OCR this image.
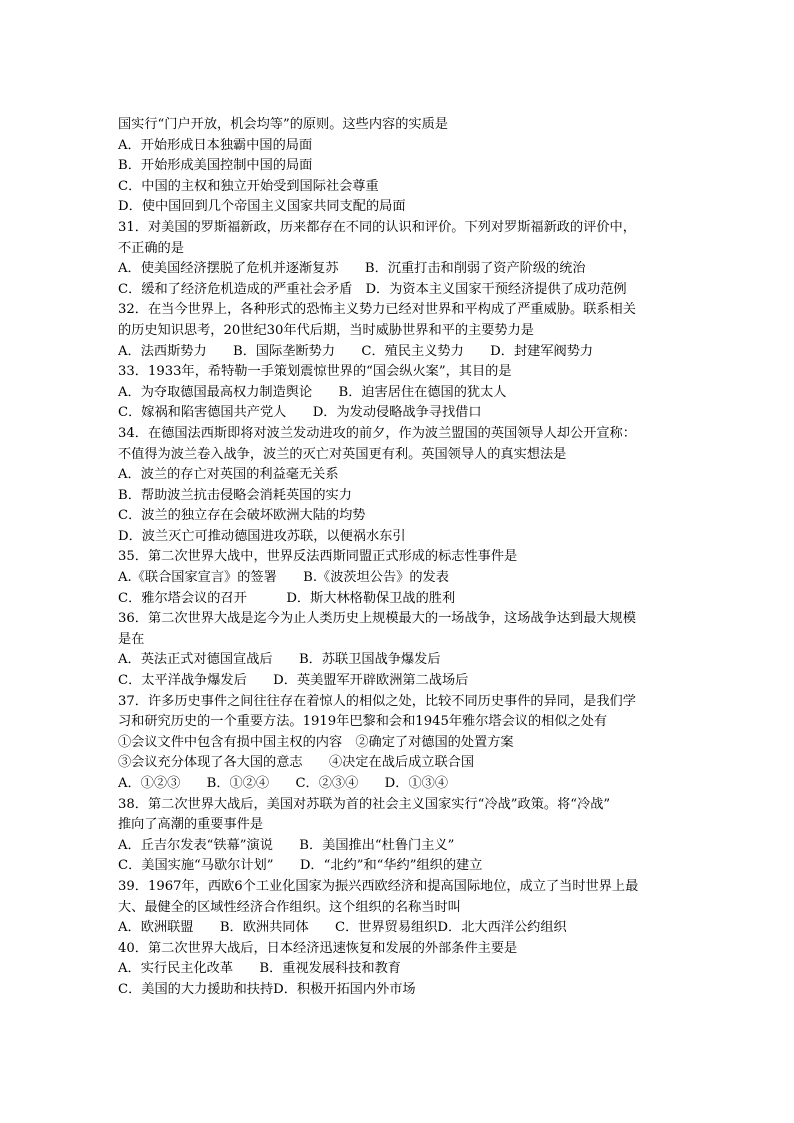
国实行“门户开放，机会均等”的原则。这些内容的实质是
A．开始形成日本独霸中国的局面
B．开始形成美国控制中国的局面
C．中国的主权和独立开始受到国际社会尊重
D．使中国回到几个帝国主义国家共同支配的局面
31．对美国的罗斯福新政，历来都存在不同的认识和评价。下列对罗斯福新政的评价中，
不正确的是
A．使美国经济摆脱了危机并逐渐复苏　　B．沉重打击和削弱了资产阶级的统治
C．缓和了经济危机造成的严重社会矛盾　D．为资本主义国家干预经济提供了成功范例
32．在当今世界上，各种形式的恐怖主义势力已经对世界和平构成了严重威胁。联系相关
的历史知识思考，20世纪30年代后期，当时威胁世界和平的主要势力是
A．法西斯势力　　B．国际垄断势力　　C．殖民主义势力　　D．封建军阀势力
33．1933年，希特勒一手策划震惊世界的“国会纵火案”，其目的是
A．为夺取德国最高权力制造舆论　　B．迫害居住在德国的犹太人
C．嫁祸和陷害德国共产党人　　D．为发动侵略战争寻找借口
34．在德国法西斯即将对波兰发动进攻的前夕，作为波兰盟国的英国领导人却公开宣称：
不值得为波兰卷入战争，波兰的灭亡对英国更有利。英国领导人的真实想法是
A．波兰的存亡对英国的利益毫无关系
B．帮助波兰抗击侵略会消耗英国的实力
C．波兰的独立存在会破坏欧洲大陆的均势
D．波兰灭亡可推动德国进攻苏联，以便祸水东引
35．第二次世界大战中，世界反法西斯同盟正式形成的标志性事件是
A.《联合国家宣言》的签署　　B.《波茨坦公告》的发表
C．雅尔塔会议的召开　　　D．斯大林格勒保卫战的胜利
36．第二次世界大战是迄今为止人类历史上规模最大的一场战争，这场战争达到最大规模
是在
A．英法正式对德国宣战后　　B．苏联卫国战争爆发后
C．太平洋战争爆发后　　D．英美盟军开辟欧洲第二战场后
37．许多历史事件之间往往存在着惊人的相似之处，比较不同历史事件的异同，是我们学
习和研究历史的一个重要方法。1919年巴黎和会和1945年雅尔塔会议的相似之处有
①会议文件中包含有损中国主权的内容　②确定了对德国的处置方案
③会议充分体现了各大国的意志　　④决定在战后成立联合国
A．①②③　　B．①②④　　C．②③④　　D．①③④
38．第二次世界大战后，美国对苏联为首的社会主义国家实行“冷战”政策。将“冷战”
推向了高潮的重要事件是
A．丘吉尔发表“铁幕”演说　　B．美国推出“杜鲁门主义”
C．美国实施“马歇尔计划”　　D．“北约”和“华约”组织的建立
39．1967年，西欧6个工业化国家为振兴西欧经济和提高国际地位，成立了当时世界上最
大、最健全的区域性经济合作组织。这个组织的名称当时叫
A．欧洲联盟　　B．欧洲共同体　　C．世界贸易组织D．北大西洋公约组织
40．第二次世界大战后，日本经济迅速恢复和发展的外部条件主要是
A．实行民主化改革　　B．重视发展科技和教育
C．美国的大力援助和扶持D．积极开拓国内外市场
